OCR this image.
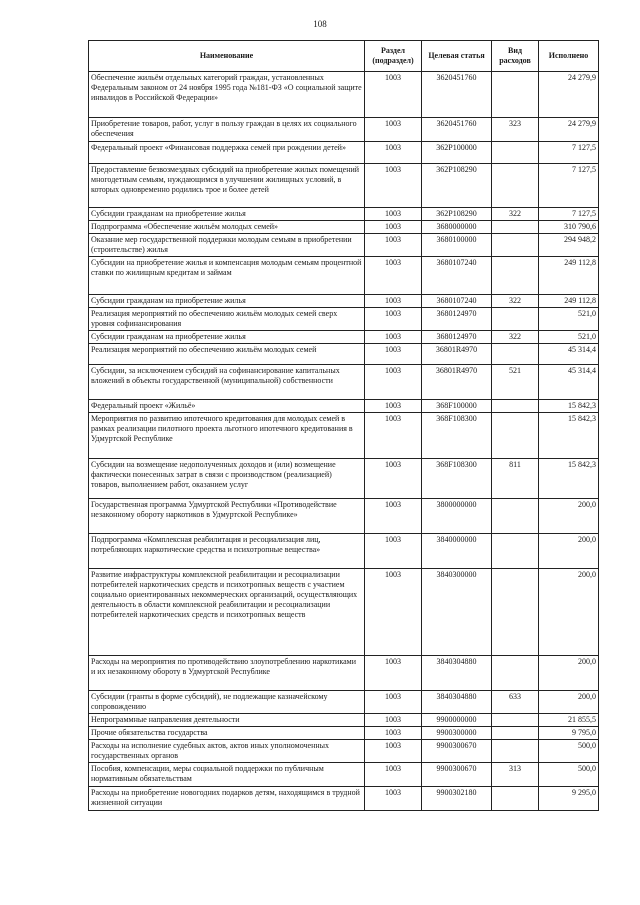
108
Наименование	Раздел (подраздел)	Целевая статья	Вид расходов	Исполнено
Обеспечение жильём отдельных категорий граждан, установленных Федеральным законом от 24 ноября 1995 года №181-ФЗ «О социальной защите инвалидов в Российской Федерации»	1003	3620451760		24 279,9
Приобретение товаров, работ, услуг в пользу граждан в целях их социального обеспечения	1003	3620451760	323	24 279,9
Федеральный проект «Финансовая поддержка семей при рождении детей»	1003	362P100000		7 127,5
Предоставление безвозмездных субсидий на приобретение жилых помещений многодетным семьям, нуждающимся в улучшении жилищных условий, в которых одновременно родились трое и более детей	1003	362P108290		7 127,5
Субсидии гражданам на приобретение жилья	1003	362P108290	322	7 127,5
Подпрограмма «Обеспечение жильём молодых семей»	1003	3680000000		310 790,6
Оказание мер государственной поддержки молодым семьям в приобретении (строительстве) жилья	1003	3680100000		294 948,2
Субсидии на приобретение жилья и компенсация молодым семьям процентной ставки по жилищным кредитам и займам	1003	3680107240		249 112,8
Субсидии гражданам на приобретение жилья	1003	3680107240	322	249 112,8
Реализация мероприятий по обеспечению жильём молодых семей сверх уровня софинансирования	1003	3680124970		521,0
Субсидии гражданам на приобретение жилья	1003	3680124970	322	521,0
Реализация мероприятий по обеспечению жильём молодых семей	1003	36801R4970		45 314,4
Субсидии, за исключением субсидий на софинансирование капитальных вложений в объекты государственной (муниципальной) собственности	1003	36801R4970	521	45 314,4
Федеральный проект «Жильё»	1003	368F100000		15 842,3
Мероприятия по развитию ипотечного кредитования для молодых семей в рамках реализации пилотного проекта льготного ипотечного кредитования в Удмуртской Республике	1003	368F108300		15 842,3
Субсидии на возмещение недополученных доходов и (или) возмещение фактически понесенных затрат в связи с производством (реализацией) товаров, выполнением работ, оказанием услуг	1003	368F108300	811	15 842,3
Государственная программа Удмуртской Республики «Противодействие незаконному обороту наркотиков в Удмуртской Республике»	1003	3800000000		200,0
Подпрограмма «Комплексная реабилитация и ресоциализация лиц, потребляющих наркотические средства и психотропные вещества»	1003	3840000000		200,0
Развитие инфраструктуры комплексной реабилитации и ресоциализации потребителей наркотических средств и психотропных веществ с участием социально ориентированных некоммерческих организаций, осуществляющих деятельность в области комплексной реабилитации и ресоциализации потребителей наркотических средств и психотропных веществ	1003	3840300000		200,0
Расходы на мероприятия по противодействию злоупотреблению наркотиками и их незаконному обороту в Удмуртской Республике	1003	3840304880		200,0
Субсидии (гранты в форме субсидий), не подлежащие казначейскому сопровождению	1003	3840304880	633	200,0
Непрограммные направления деятельности	1003	9900000000		21 855,5
Прочие обязательства государства	1003	9900300000		9 795,0
Расходы на исполнение судебных актов, актов иных уполномоченных государственных органов	1003	9900300670		500,0
Пособия, компенсации, меры социальной поддержки по публичным нормативным обязательствам	1003	9900300670	313	500,0
Расходы на приобретение новогодних подарков детям, находящимся в трудной жизненной ситуации	1003	9900302180		9 295,0
